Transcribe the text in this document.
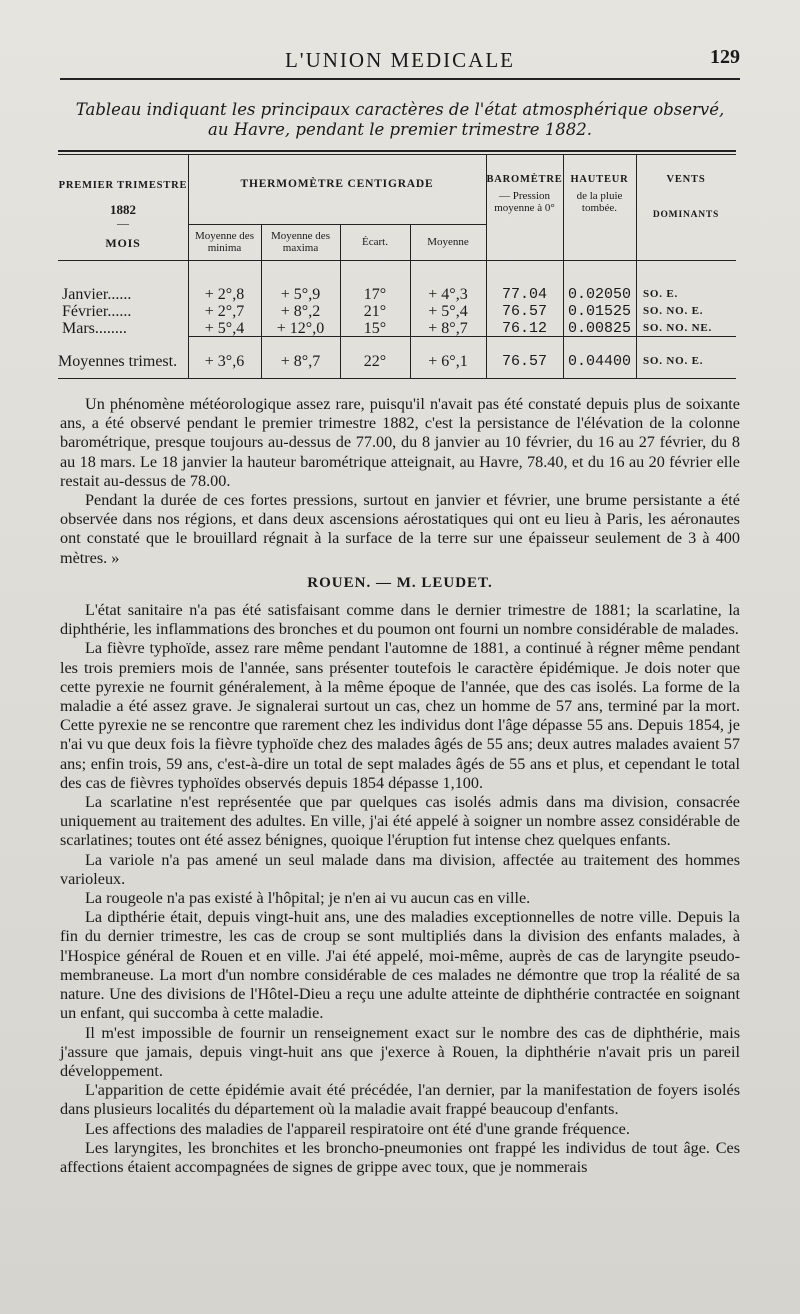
L'UNION MEDICALE	129
Tableau indiquant les principaux caractères de l'état atmosphérique observé, au Havre, pendant le premier trimestre 1882.
PREMIER TRIMESTRE
1882
—
MOIS
THERMOMÈTRE CENTIGRADE
Moyenne des minima
Moyenne des maxima	Écart.	Moyenne
BAROMÈTRE
— Pression moyenne à 0°
HAUTEUR
de la pluie tombée.
VENTS
DOMINANTS
Janvier......	+ 2°,8	+ 5°,9	17°	+ 4°,3	77.04	0.02050	SO. E.
Février......	+ 2°,7	+ 8°,2	21°	+ 5°,4	76.57	0.01525	SO. NO. E.
Mars........	+ 5°,4	+ 12°,0	15°	+ 8°,7	76.12	0.00825	SO. NO. NE.
Moyennes trimest.	+ 3°,6	+ 8°,7	22°	+ 6°,1	76.57	0.04400	SO. NO. E.

Un phénomène météorologique assez rare, puisqu'il n'avait pas été constaté depuis plus de soixante ans, a été observé pendant le premier trimestre 1882, c'est la persistance de l'élévation de la colonne barométrique, presque toujours au-dessus de 77.00, du 8 janvier au 10 février, du 16 au 27 février, du 8 au 18 mars. Le 18 janvier la hauteur barométrique atteignait, au Havre, 78.40, et du 16 au 20 février elle restait au-dessus de 78.00.

Pendant la durée de ces fortes pressions, surtout en janvier et février, une brume persistante a été observée dans nos régions, et dans deux ascensions aérostatiques qui ont eu lieu à Paris, les aéronautes ont constaté que le brouillard régnait à la surface de la terre sur une épaisseur seulement de 3 à 400 mètres. »

ROUEN. — M. LEUDET.

L'état sanitaire n'a pas été satisfaisant comme dans le dernier trimestre de 1881; la scarlatine, la diphthérie, les inflammations des bronches et du poumon ont fourni un nombre considérable de malades.

La fièvre typhoïde, assez rare même pendant l'automne de 1881, a continué à régner même pendant les trois premiers mois de l'année, sans présenter toutefois le caractère épidémique. Je dois noter que cette pyrexie ne fournit généralement, à la même époque de l'année, que des cas isolés. La forme de la maladie a été assez grave. Je signalerai surtout un cas, chez un homme de 57 ans, terminé par la mort. Cette pyrexie ne se rencontre que rarement chez les individus dont l'âge dépasse 55 ans. Depuis 1854, je n'ai vu que deux fois la fièvre typhoïde chez des malades âgés de 55 ans; deux autres malades avaient 57 ans; enfin trois, 59 ans, c'est-à-dire un total de sept malades âgés de 55 ans et plus, et cependant le total des cas de fièvres typhoïdes observés depuis 1854 dépasse 1,100.

La scarlatine n'est représentée que par quelques cas isolés admis dans ma division, consacrée uniquement au traitement des adultes. En ville, j'ai été appelé à soigner un nombre assez considérable de scarlatines; toutes ont été assez bénignes, quoique l'éruption fut intense chez quelques enfants.

La variole n'a pas amené un seul malade dans ma division, affectée au traitement des hommes varioleux.

La rougeole n'a pas existé à l'hôpital; je n'en ai vu aucun cas en ville.

La dipthérie était, depuis vingt-huit ans, une des maladies exceptionnelles de notre ville. Depuis la fin du dernier trimestre, les cas de croup se sont multipliés dans la division des enfants malades, à l'Hospice général de Rouen et en ville. J'ai été appelé, moi-même, auprès de cas de laryngite pseudo-membraneuse. La mort d'un nombre considérable de ces malades ne démontre que trop la réalité de sa nature. Une des divisions de l'Hôtel-Dieu a reçu une adulte atteinte de diphthérie contractée en soignant un enfant, qui succomba à cette maladie.

Il m'est impossible de fournir un renseignement exact sur le nombre des cas de diphthérie, mais j'assure que jamais, depuis vingt-huit ans que j'exerce à Rouen, la diphthérie n'avait pris un pareil développement.

L'apparition de cette épidémie avait été précédée, l'an dernier, par la manifestation de foyers isolés dans plusieurs localités du département où la maladie avait frappé beaucoup d'enfants.

Les affections des maladies de l'appareil respiratoire ont été d'une grande fréquence.

Les laryngites, les bronchites et les broncho-pneumonies ont frappé les individus de tout âge. Ces affections étaient accompagnées de signes de grippe avec toux, que je nommerais
